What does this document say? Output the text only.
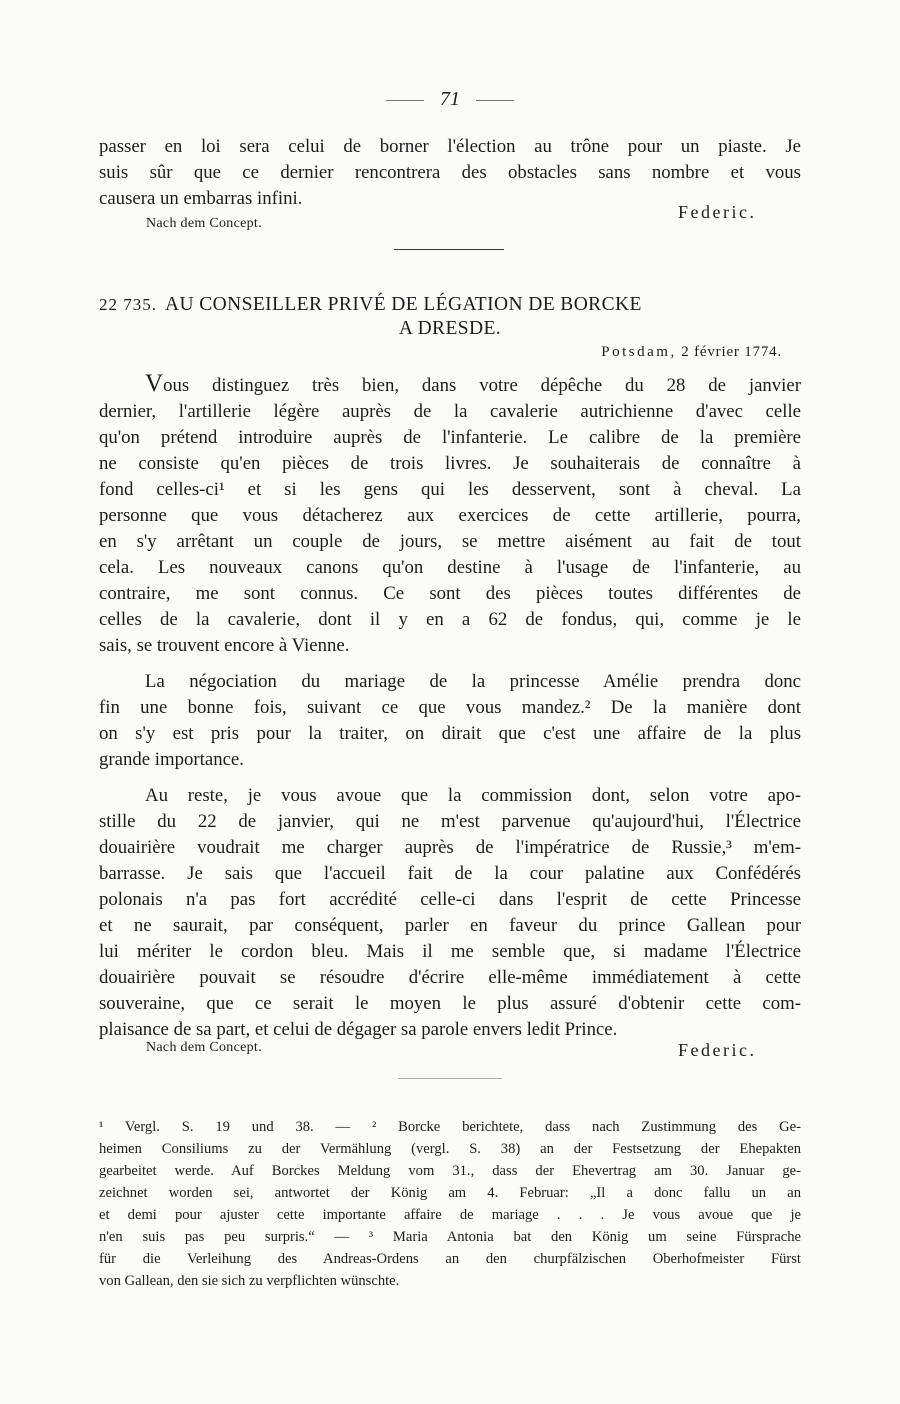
71
passer en loi sera celui de borner l'élection au trône pour un piaste. Je
suis sûr que ce dernier rencontrera des obstacles sans nombre et vous
causera un embarras infini.
Nach dem Concept.
Federic.
22 735. AU CONSEILLER PRIVÉ DE LÉGATION DE BORCKE
A DRESDE.
Potsdam, 2 février 1774.
Vous distinguez très bien, dans votre dépêche du 28 de janvier
dernier, l'artillerie légère auprès de la cavalerie autrichienne d'avec celle
qu'on prétend introduire auprès de l'infanterie. Le calibre de la première
ne consiste qu'en pièces de trois livres. Je souhaiterais de connaître à
fond celles-ci¹ et si les gens qui les desservent, sont à cheval. La
personne que vous détacherez aux exercices de cette artillerie, pourra,
en s'y arrêtant un couple de jours, se mettre aisément au fait de tout
cela. Les nouveaux canons qu'on destine à l'usage de l'infanterie, au
contraire, me sont connus. Ce sont des pièces toutes différentes de
celles de la cavalerie, dont il y en a 62 de fondus, qui, comme je le
sais, se trouvent encore à Vienne.
La négociation du mariage de la princesse Amélie prendra donc
fin une bonne fois, suivant ce que vous mandez.² De la manière dont
on s'y est pris pour la traiter, on dirait que c'est une affaire de la plus
grande importance.
Au reste, je vous avoue que la commission dont, selon votre apo-
stille du 22 de janvier, qui ne m'est parvenue qu'aujourd'hui, l'Électrice
douairière voudrait me charger auprès de l'impératrice de Russie,³ m'em-
barrasse. Je sais que l'accueil fait de la cour palatine aux Confédérés
polonais n'a pas fort accrédité celle-ci dans l'esprit de cette Princesse
et ne saurait, par conséquent, parler en faveur du prince Gallean pour
lui mériter le cordon bleu. Mais il me semble que, si madame l'Électrice
douairière pouvait se résoudre d'écrire elle-même immédiatement à cette
souveraine, que ce serait le moyen le plus assuré d'obtenir cette com-
plaisance de sa part, et celui de dégager sa parole envers ledit Prince.
Nach dem Concept.	Federic.
¹ Vergl. S. 19 und 38. — ² Borcke berichtete, dass nach Zustimmung des Ge-
heimen Consiliums zu der Vermählung (vergl. S. 38) an der Festsetzung der Ehepakten
gearbeitet werde. Auf Borckes Meldung vom 31., dass der Ehevertrag am 30. Januar ge-
zeichnet worden sei, antwortet der König am 4. Februar: „Il a donc fallu un an
et demi pour ajuster cette importante affaire de mariage . . . Je vous avoue que je
n'en suis pas peu surpris.“ — ³ Maria Antonia bat den König um seine Fürsprache
für die Verleihung des Andreas-Ordens an den churpfälzischen Oberhofmeister Fürst
von Gallean, den sie sich zu verpflichten wünschte.
